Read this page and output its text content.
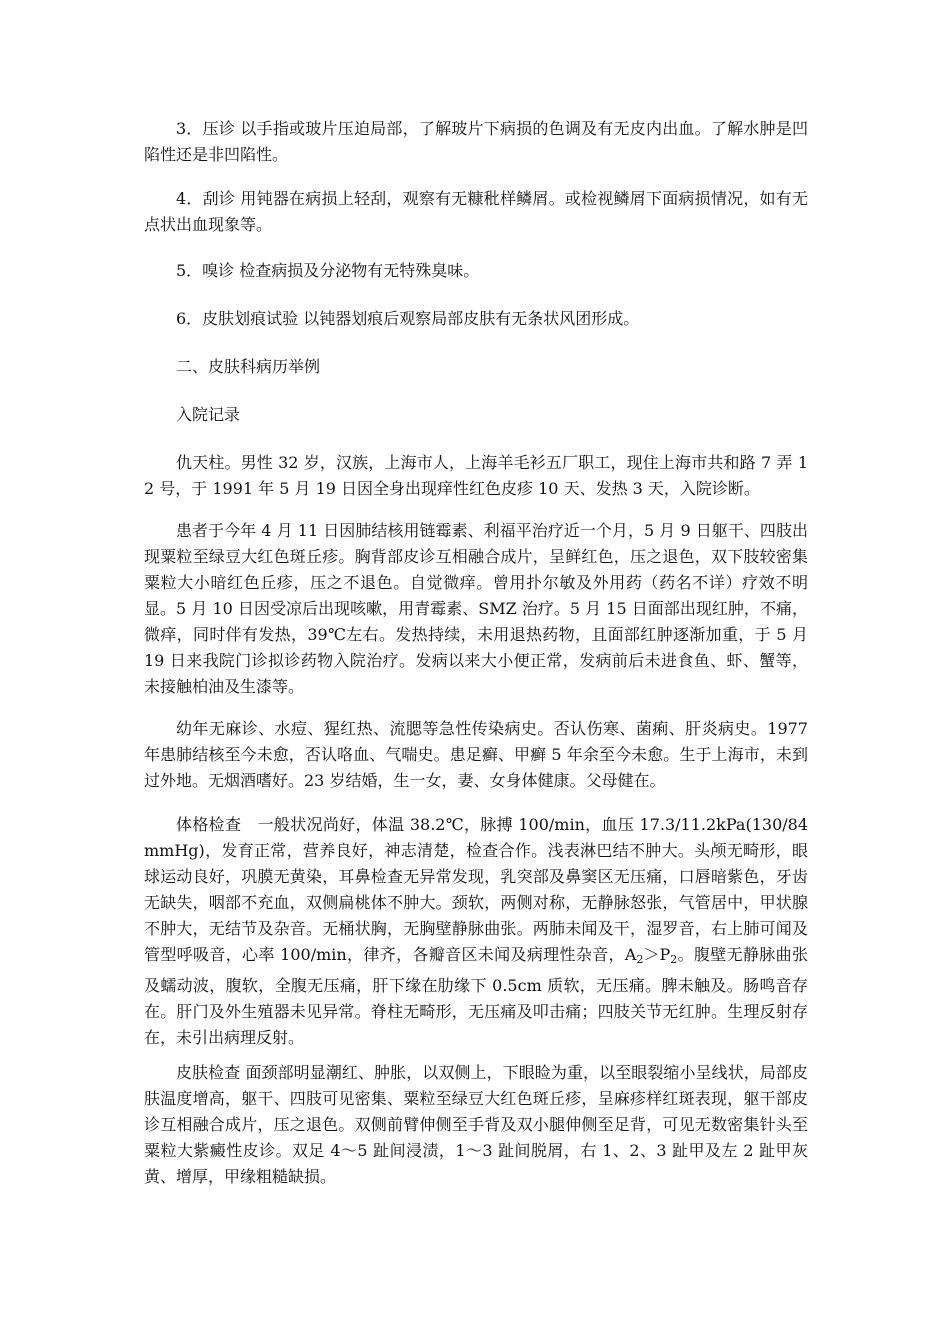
3．压诊 以手指或玻片压迫局部，了解玻片下病损的色调及有无皮内出血。了解水肿是凹陷性还是非凹陷性。

4．刮诊 用钝器在病损上轻刮，观察有无糠秕样鳞屑。或检视鳞屑下面病损情况，如有无点状出血现象等。

5．嗅诊 检查病损及分泌物有无特殊臭味。

6．皮肤划痕试验 以钝器划痕后观察局部皮肤有无条状风团形成。

二、皮肤科病历举例

入院记录

仇天柱。男性 32 岁，汉族，上海市人，上海羊毛衫五厂职工，现住上海市共和路 7 弄 12 号，于 1991 年 5 月 19 日因全身出现痒性红色皮疹 10 天、发热 3 天，入院诊断。

患者于今年 4 月 11 日因肺结核用链霉素、利福平治疗近一个月，5 月 9 日躯干、四肢出现粟粒至绿豆大红色斑丘疹。胸背部皮诊互相融合成片，呈鲜红色，压之退色，双下肢较密集粟粒大小暗红色丘疹，压之不退色。自觉微痒。曾用扑尔敏及外用药（药名不详）疗效不明显。5 月 10 日因受凉后出现咳嗽，用青霉素、SMZ 治疗。5 月 15 日面部出现红肿，不痛，微痒，同时伴有发热，39℃左右。发热持续，未用退热药物，且面部红肿逐渐加重，于 5 月 19 日来我院门诊拟诊药物入院治疗。发病以来大小便正常，发病前后未进食鱼、虾、蟹等，未接触柏油及生漆等。

幼年无麻诊、水痘、猩红热、流腮等急性传染病史。否认伤寒、菌痢、肝炎病史。1977 年患肺结核至今未愈，否认咯血、气喘史。患足癣、甲癣 5 年余至今未愈。生于上海市，未到过外地。无烟酒嗜好。23 岁结婚，生一女，妻、女身体健康。父母健在。

体格检查　一般状况尚好，体温 38.2℃，脉搏 100/min，血压 17.3/11.2kPa(130/84mmHg)，发育正常，营养良好，神志清楚，检查合作。浅表淋巴结不肿大。头颅无畸形，眼球运动良好，巩膜无黄染，耳鼻检查无异常发现，乳突部及鼻窦区无压痛，口唇暗紫色，牙齿无缺失，咽部不充血，双侧扁桃体不肿大。颈软，两侧对称，无静脉怒张，气管居中，甲状腺不肿大，无结节及杂音。无桶状胸，无胸壁静脉曲张。两肺未闻及干，湿罗音，右上肺可闻及管型呼吸音，心率 100/min，律齐，各瓣音区未闻及病理性杂音，$A_2>P_2$。腹壁无静脉曲张及蠕动波，腹软，全腹无压痛，肝下缘在肋缘下 0.5cm 质软，无压痛。脾未触及。肠鸣音存在。肝门及外生殖器未见异常。脊柱无畸形，无压痛及叩击痛；四肢关节无红肿。生理反射存在，未引出病理反射。

皮肤检查 面颈部明显潮红、肿胀，以双侧上，下眼睑为重，以至眼裂缩小呈线状，局部皮肤温度增高，躯干、四肢可见密集、粟粒至绿豆大红色斑丘疹，呈麻疹样红斑表现，躯干部皮诊互相融合成片，压之退色。双侧前臂伸侧至手背及双小腿伸侧至足背，可见无数密集针头至粟粒大紫癜性皮诊。双足 4～5 趾间浸渍，1～3 趾间脱屑，右 1、2、3 趾甲及左 2 趾甲灰黄、增厚，甲缘粗糙缺损。
